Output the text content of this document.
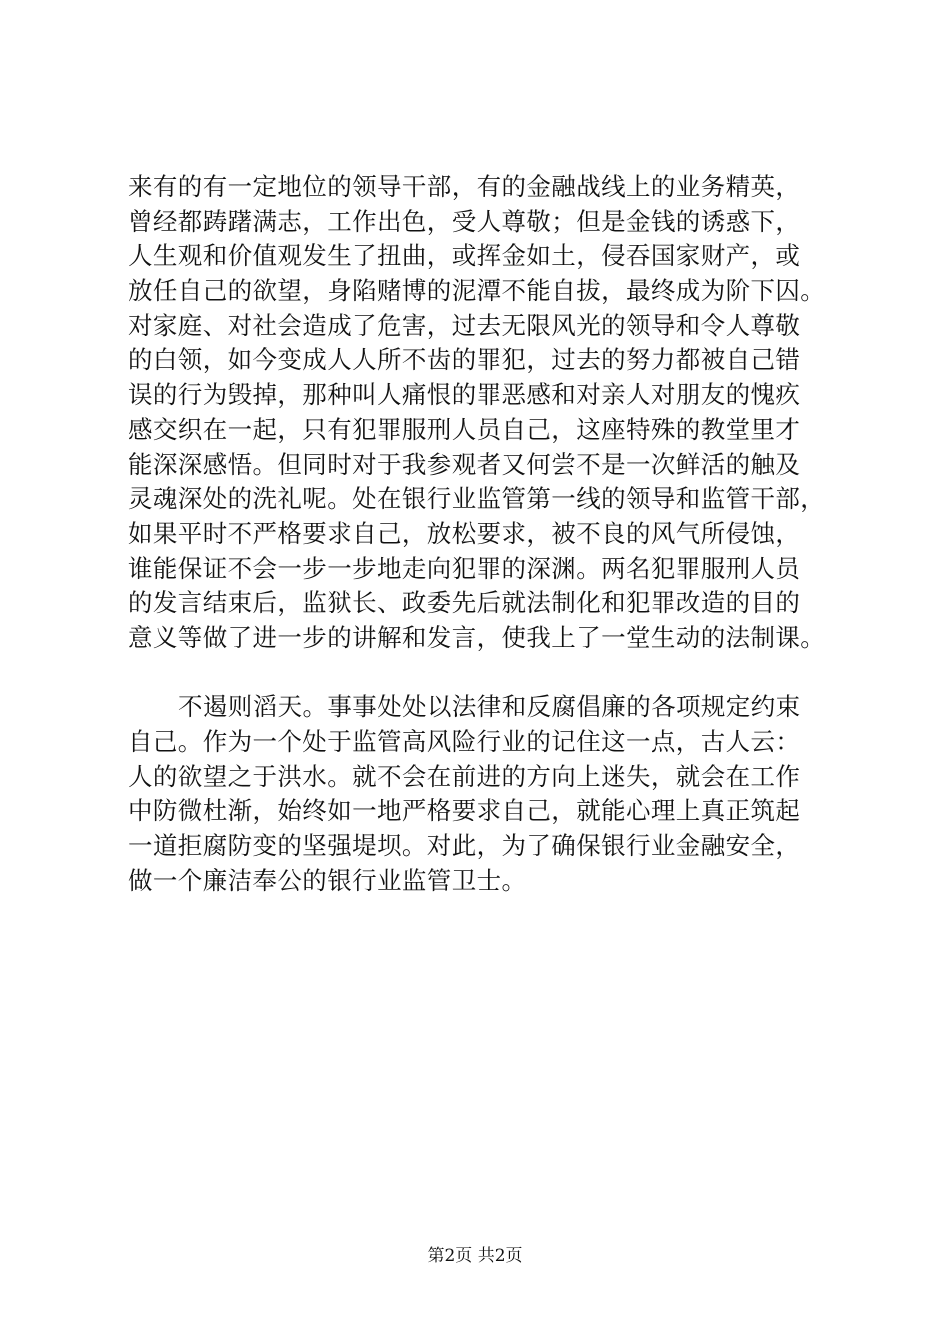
来有的有一定地位的领导干部，有的金融战线上的业务精英，
曾经都踌躇满志，工作出色，受人尊敬；但是金钱的诱惑下，
人生观和价值观发生了扭曲，或挥金如土，侵吞国家财产，或
放任自己的欲望，身陷赌博的泥潭不能自拔，最终成为阶下囚。
对家庭、对社会造成了危害，过去无限风光的领导和令人尊敬
的白领，如今变成人人所不齿的罪犯，过去的努力都被自己错
误的行为毁掉，那种叫人痛恨的罪恶感和对亲人对朋友的愧疚
感交织在一起，只有犯罪服刑人员自己，这座特殊的教堂里才
能深深感悟。但同时对于我参观者又何尝不是一次鲜活的触及
灵魂深处的洗礼呢。处在银行业监管第一线的领导和监管干部，
如果平时不严格要求自己，放松要求，被不良的风气所侵蚀，
谁能保证不会一步一步地走向犯罪的深渊。两名犯罪服刑人员
的发言结束后，监狱长、政委先后就法制化和犯罪改造的目的
意义等做了进一步的讲解和发言，使我上了一堂生动的法制课。
不遏则滔天。事事处处以法律和反腐倡廉的各项规定约束
自己。作为一个处于监管高风险行业的记住这一点，古人云：
人的欲望之于洪水。就不会在前进的方向上迷失，就会在工作
中防微杜渐，始终如一地严格要求自己，就能心理上真正筑起
一道拒腐防变的坚强堤坝。对此，为了确保银行业金融安全，
做一个廉洁奉公的银行业监管卫士。
第2页 共2页
